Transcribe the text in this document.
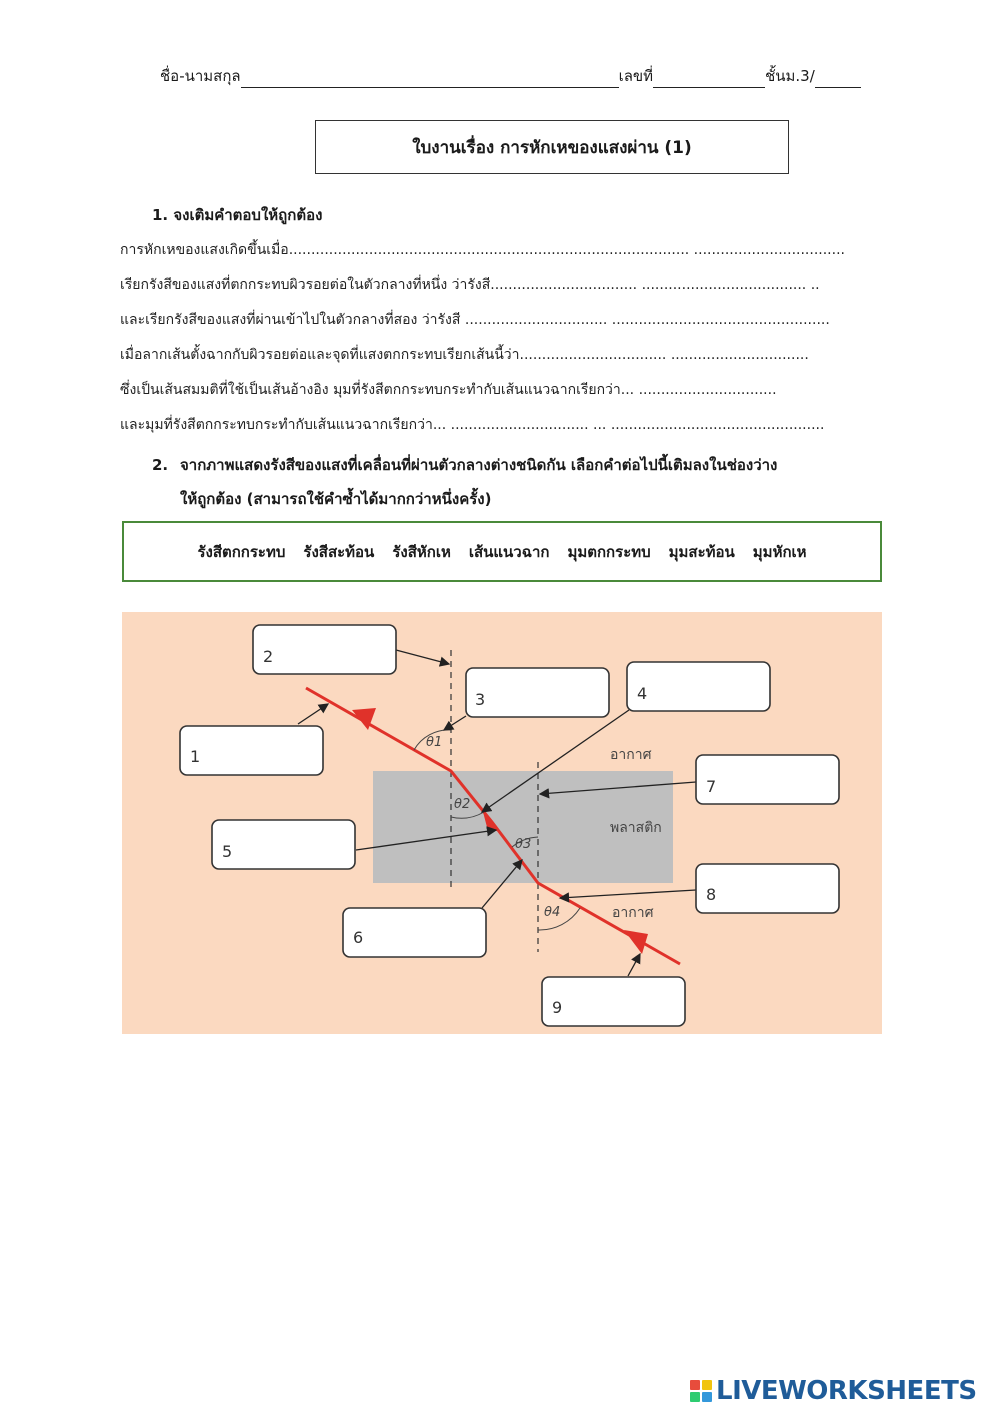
ชื่อ-นามสกุล	เลขที่	ชั้นม.3/
ใบงานเรื่อง การหักเหของแสงผ่าน (1)
1. จงเติมคำตอบให้ถูกต้อง
การหักเหของแสงเกิดขึ้นเมื่อ.......................................................................................... ..................................
เรียกรังสีของแสงที่ตกกระทบผิวรอยต่อในตัวกลางที่หนึ่ง ว่ารังสี................................. ..................................... ..
และเรียกรังสีของแสงที่ผ่านเข้าไปในตัวกลางที่สอง ว่ารังสี ................................ .................................................
เมื่อลากเส้นตั้งฉากกับผิวรอยต่อและจุดที่แสงตกกระทบเรียกเส้นนี้ว่า................................. ...............................
ซึ่งเป็นเส้นสมมติที่ใช้เป็นเส้นอ้างอิง มุมที่รังสีตกกระทบกระทำกับเส้นแนวฉากเรียกว่า... ...............................
และมุมที่รังสีตกกระทบกระทำกับเส้นแนวฉากเรียกว่า... ............................... ... ................................................
2. จากภาพแสดงรังสีของแสงที่เคลื่อนที่ผ่านตัวกลางต่างชนิดกัน เลือกคำต่อไปนี้เติมลงในช่องว่าง
ให้ถูกต้อง (สามารถใช้คำซ้ำได้มากกว่าหนึ่งครั้ง)
รังสีตกกระทบ รังสีสะท้อน รังสีหักเห เส้นแนวฉาก มุมตกกระทบ มุมสะท้อน มุมหักเห
θ1
θ2
θ3
θ4
อากาศ
พลาสติก
อากาศ
1
2
3	4
5
6
7
8
9
LIVEWORKSHEETS
